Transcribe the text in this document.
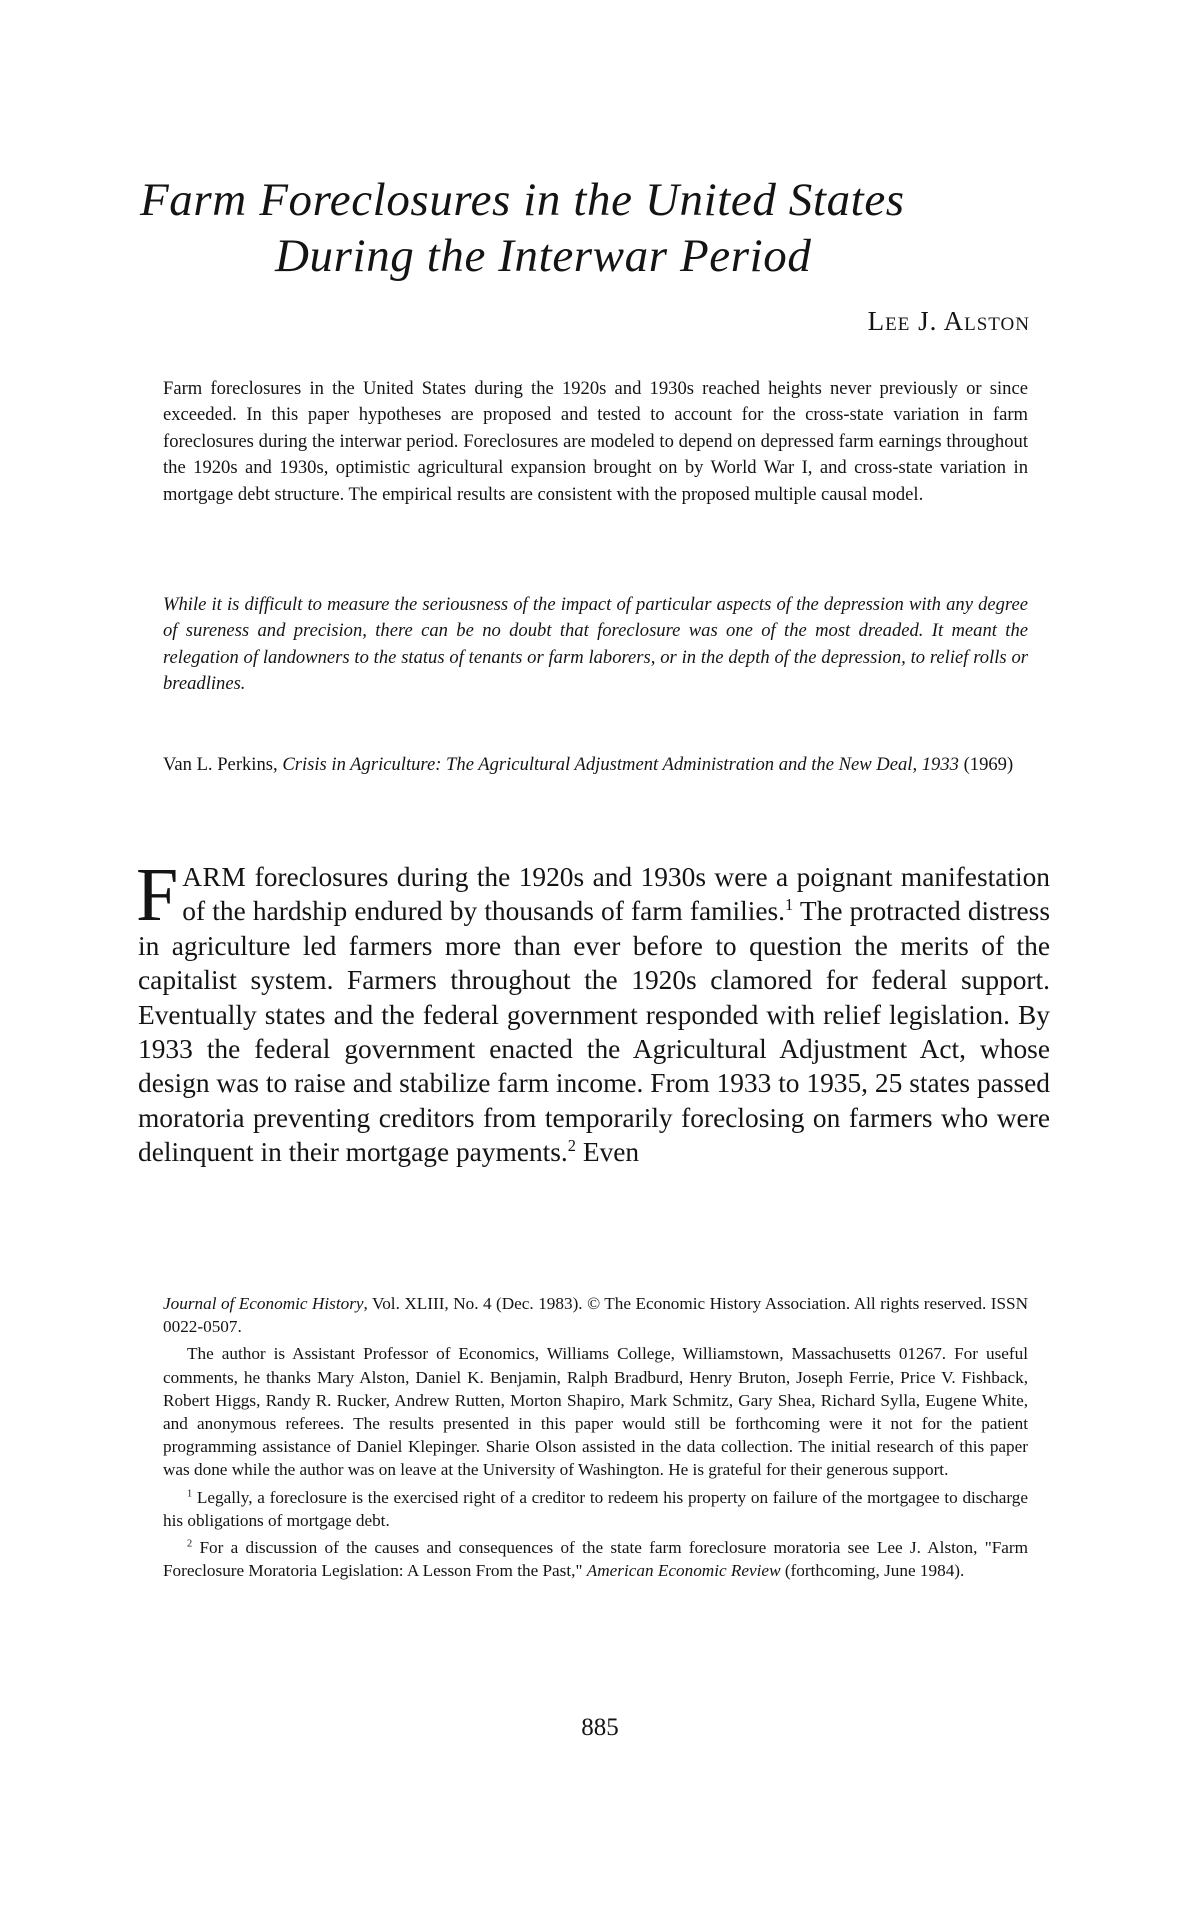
Farm Foreclosures in the United States
During the Interwar Period

Lee J. Alston

Farm foreclosures in the United States during the 1920s and 1930s reached heights never previously or since exceeded. In this paper hypotheses are proposed and tested to account for the cross-state variation in farm foreclosures during the interwar period. Foreclosures are modeled to depend on depressed farm earnings throughout the 1920s and 1930s, optimistic agricultural expansion brought on by World War I, and cross-state variation in mortgage debt structure. The empirical results are consistent with the proposed multiple causal model.

While it is difficult to measure the seriousness of the impact of particular aspects of the depression with any degree of sureness and precision, there can be no doubt that foreclosure was one of the most dreaded. It meant the relegation of landowners to the status of tenants or farm laborers, or in the depth of the depression, to relief rolls or breadlines.

Van L. Perkins, Crisis in Agriculture: The Agricultural Adjustment Administration and the New Deal, 1933 (1969)

FARM foreclosures during the 1920s and 1930s were a poignant manifestation of the hardship endured by thousands of farm families.$^1$ The protracted distress in agriculture led farmers more than ever before to question the merits of the capitalist system. Farmers throughout the 1920s clamored for federal support. Eventually states and the federal government responded with relief legislation. By 1933 the federal government enacted the Agricultural Adjustment Act, whose design was to raise and stabilize farm income. From 1933 to 1935, 25 states passed moratoria preventing creditors from temporarily foreclosing on farmers who were delinquent in their mortgage payments.$^2$ Even

Journal of Economic History, Vol. XLIII, No. 4 (Dec. 1983). © The Economic History Association. All rights reserved. ISSN 0022-0507.

The author is Assistant Professor of Economics, Williams College, Williamstown, Massachusetts 01267. For useful comments, he thanks Mary Alston, Daniel K. Benjamin, Ralph Bradburd, Henry Bruton, Joseph Ferrie, Price V. Fishback, Robert Higgs, Randy R. Rucker, Andrew Rutten, Morton Shapiro, Mark Schmitz, Gary Shea, Richard Sylla, Eugene White, and anonymous referees. The results presented in this paper would still be forthcoming were it not for the patient programming assistance of Daniel Klepinger. Sharie Olson assisted in the data collection. The initial research of this paper was done while the author was on leave at the University of Washington. He is grateful for their generous support.

$^1$ Legally, a foreclosure is the exercised right of a creditor to redeem his property on failure of the mortgagee to discharge his obligations of mortgage debt.

$^2$ For a discussion of the causes and consequences of the state farm foreclosure moratoria see Lee J. Alston, "Farm Foreclosure Moratoria Legislation: A Lesson From the Past," American Economic Review (forthcoming, June 1984).

885
